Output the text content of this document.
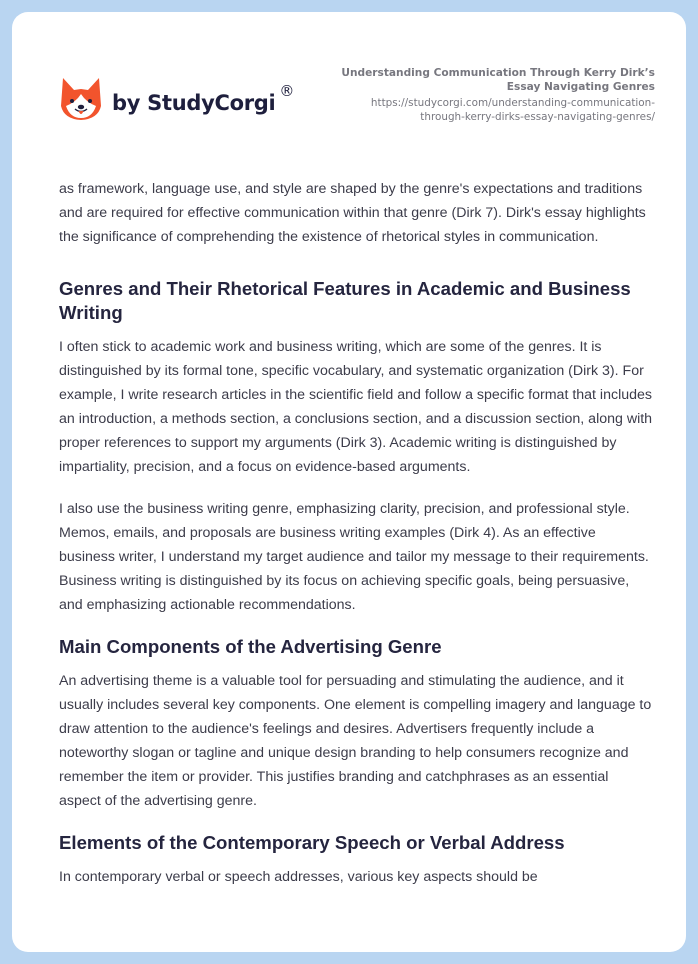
by StudyCorgi ®
Understanding Communication Through Kerry Dirk’s
Essay Navigating Genres
https://studycorgi.com/understanding-communication-
through-kerry-dirks-essay-navigating-genres/

as framework, language use, and style are shaped by the genre's expectations and traditions and are required for effective communication within that genre (Dirk 7). Dirk's essay highlights the significance of comprehending the existence of rhetorical styles in communication.

Genres and Their Rhetorical Features in Academic and Business Writing

I often stick to academic work and business writing, which are some of the genres. It is distinguished by its formal tone, specific vocabulary, and systematic organization (Dirk 3). For example, I write research articles in the scientific field and follow a specific format that includes an introduction, a methods section, a conclusions section, and a discussion section, along with proper references to support my arguments (Dirk 3). Academic writing is distinguished by impartiality, precision, and a focus on evidence-based arguments.

I also use the business writing genre, emphasizing clarity, precision, and professional style. Memos, emails, and proposals are business writing examples (Dirk 4). As an effective business writer, I understand my target audience and tailor my message to their requirements. Business writing is distinguished by its focus on achieving specific goals, being persuasive, and emphasizing actionable recommendations.

Main Components of the Advertising Genre

An advertising theme is a valuable tool for persuading and stimulating the audience, and it usually includes several key components. One element is compelling imagery and language to draw attention to the audience's feelings and desires. Advertisers frequently include a noteworthy slogan or tagline and unique design branding to help consumers recognize and remember the item or provider. This justifies branding and catchphrases as an essential aspect of the advertising genre.

Elements of the Contemporary Speech or Verbal Address

In contemporary verbal or speech addresses, various key aspects should be
